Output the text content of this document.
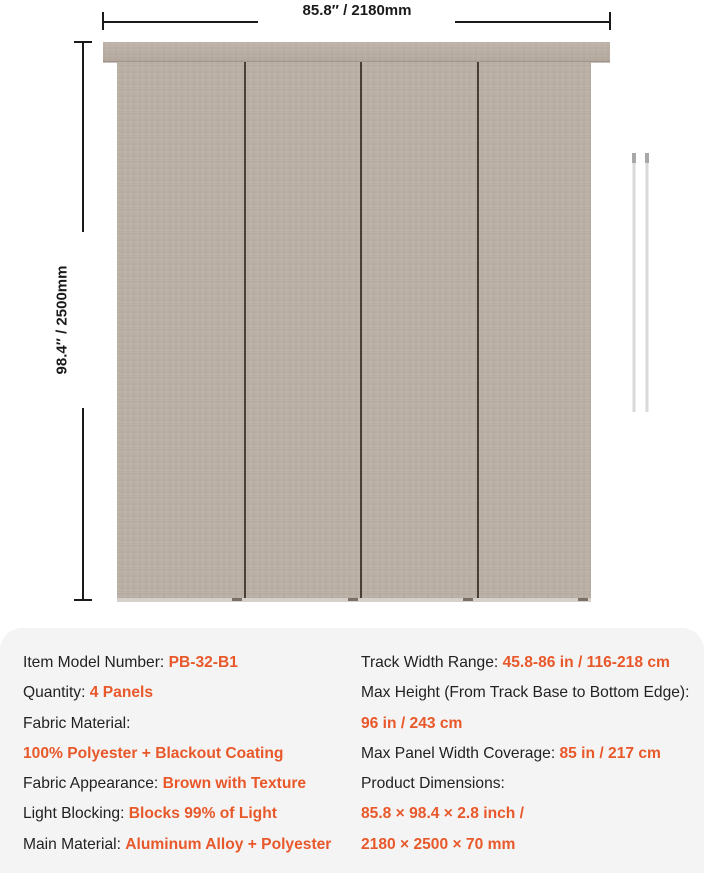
85.8″ / 2180mm
98.4″ / 2500mm
Item Model Number: PB-32-B1
Quantity: 4 Panels
Fabric Material:
100% Polyester + Blackout Coating
Fabric Appearance: Brown with Texture
Light Blocking: Blocks 99% of Light
Main Material: Aluminum Alloy + Polyester
Track Width Range: 45.8-86 in / 116-218 cm
Max Height (From Track Base to Bottom Edge):
96 in / 243 cm
Max Panel Width Coverage: 85 in / 217 cm
Product Dimensions:
85.8 × 98.4 × 2.8 inch /
2180 × 2500 × 70 mm
